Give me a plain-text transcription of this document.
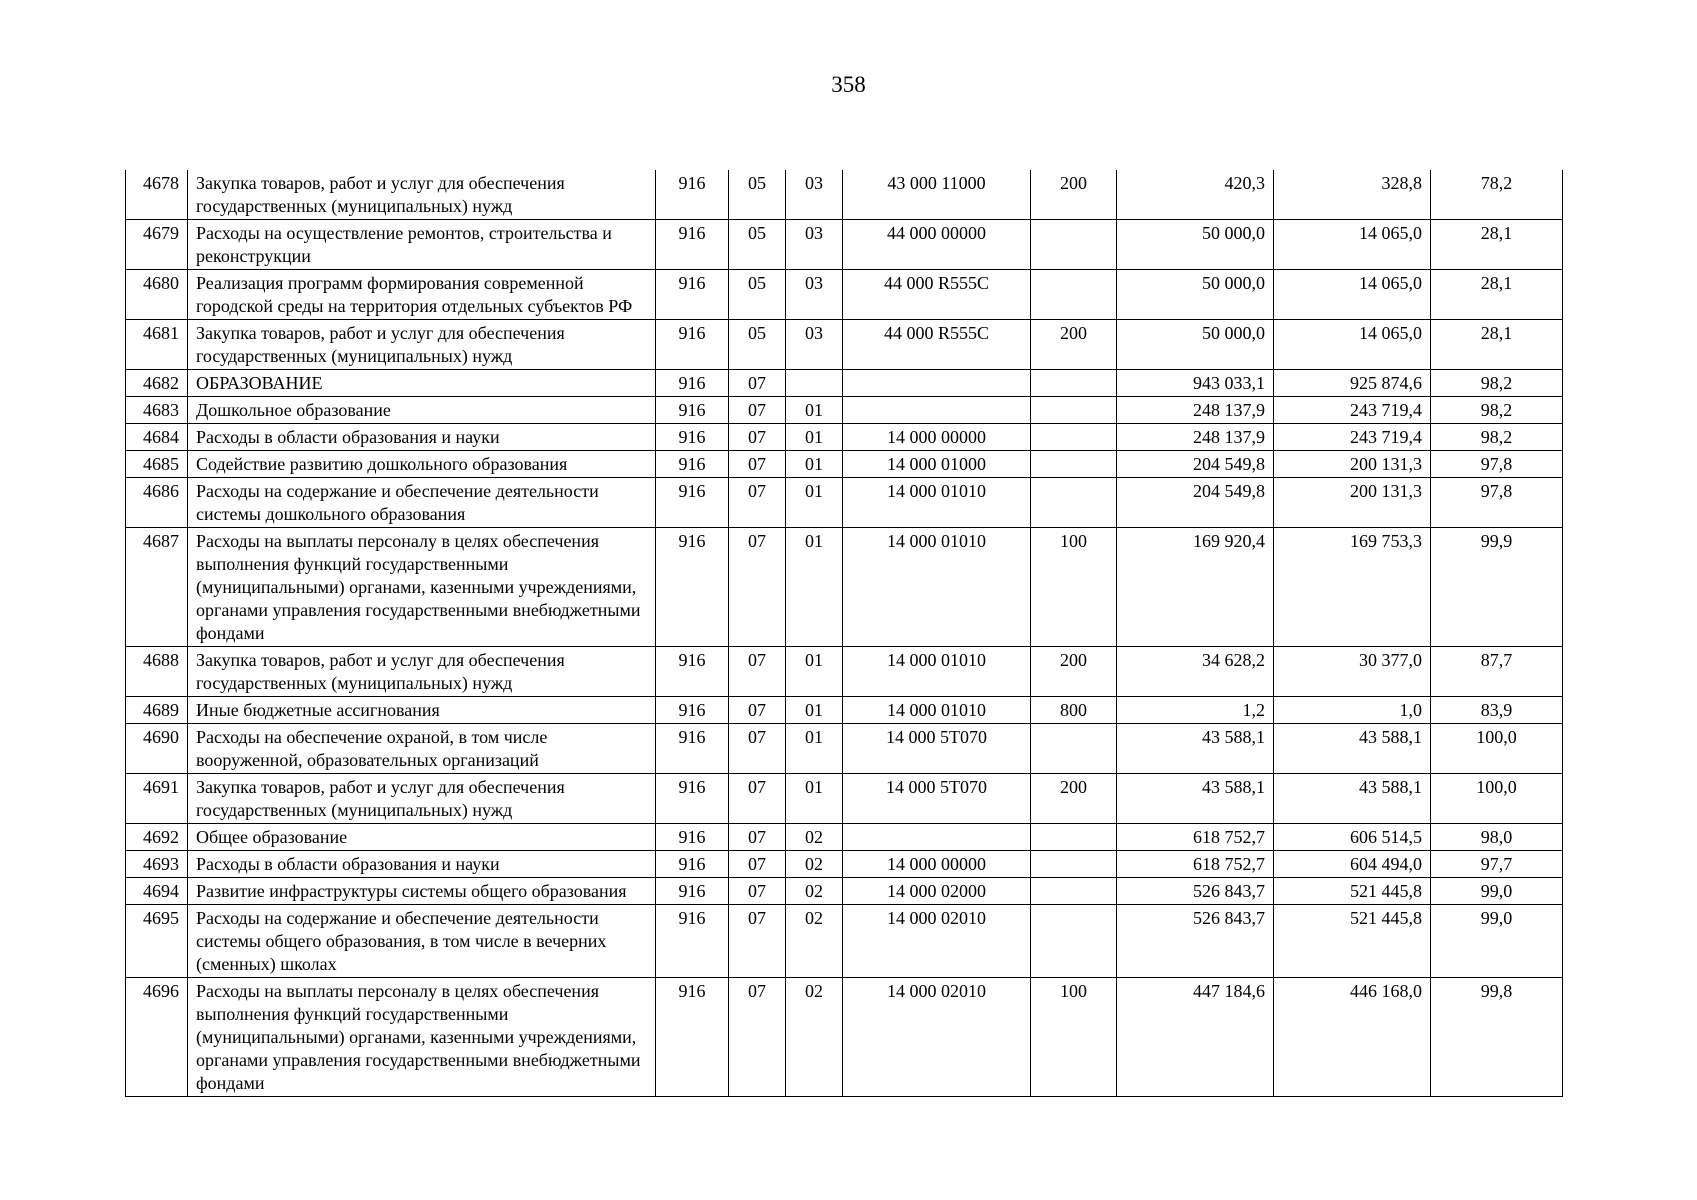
358
4678	Закупка товаров, работ и услуг для обеспечения государственных (муниципальных) нужд	916	05	03	43 000 11000	200	420,3	328,8	78,2
4679	Расходы на осуществление ремонтов, строительства и реконструкции	916	05	03	44 000 00000		50 000,0	14 065,0	28,1
4680	Реализация программ формирования современной городской среды на территория отдельных субъектов РФ	916	05	03	44 000 R555C		50 000,0	14 065,0	28,1
4681	Закупка товаров, работ и услуг для обеспечения государственных (муниципальных) нужд	916	05	03	44 000 R555C	200	50 000,0	14 065,0	28,1
4682	ОБРАЗОВАНИЕ	916	07				943 033,1	925 874,6	98,2
4683	Дошкольное образование	916	07	01			248 137,9	243 719,4	98,2
4684	Расходы в области образования и науки	916	07	01	14 000 00000		248 137,9	243 719,4	98,2
4685	Содействие развитию дошкольного образования	916	07	01	14 000 01000		204 549,8	200 131,3	97,8
4686	Расходы на содержание и обеспечение деятельности системы дошкольного образования	916	07	01	14 000 01010		204 549,8	200 131,3	97,8
4687	Расходы на выплаты персоналу в целях обеспечения выполнения функций государственными (муниципальными) органами, казенными учреждениями, органами управления государственными внебюджетными фондами	916	07	01	14 000 01010	100	169 920,4	169 753,3	99,9
4688	Закупка товаров, работ и услуг для обеспечения государственных (муниципальных) нужд	916	07	01	14 000 01010	200	34 628,2	30 377,0	87,7
4689	Иные бюджетные ассигнования	916	07	01	14 000 01010	800	1,2	1,0	83,9
4690	Расходы на обеспечение охраной, в том числе вооруженной, образовательных организаций	916	07	01	14 000 5T070		43 588,1	43 588,1	100,0
4691	Закупка товаров, работ и услуг для обеспечения государственных (муниципальных) нужд	916	07	01	14 000 5T070	200	43 588,1	43 588,1	100,0
4692	Общее образование	916	07	02			618 752,7	606 514,5	98,0
4693	Расходы в области образования и науки	916	07	02	14 000 00000		618 752,7	604 494,0	97,7
4694	Развитие инфраструктуры системы общего образования	916	07	02	14 000 02000		526 843,7	521 445,8	99,0
4695	Расходы на содержание и обеспечение деятельности системы общего образования, в том числе в вечерних (сменных) школах	916	07	02	14 000 02010		526 843,7	521 445,8	99,0
4696	Расходы на выплаты персоналу в целях обеспечения выполнения функций государственными (муниципальными) органами, казенными учреждениями, органами управления государственными внебюджетными фондами	916	07	02	14 000 02010	100	447 184,6	446 168,0	99,8
